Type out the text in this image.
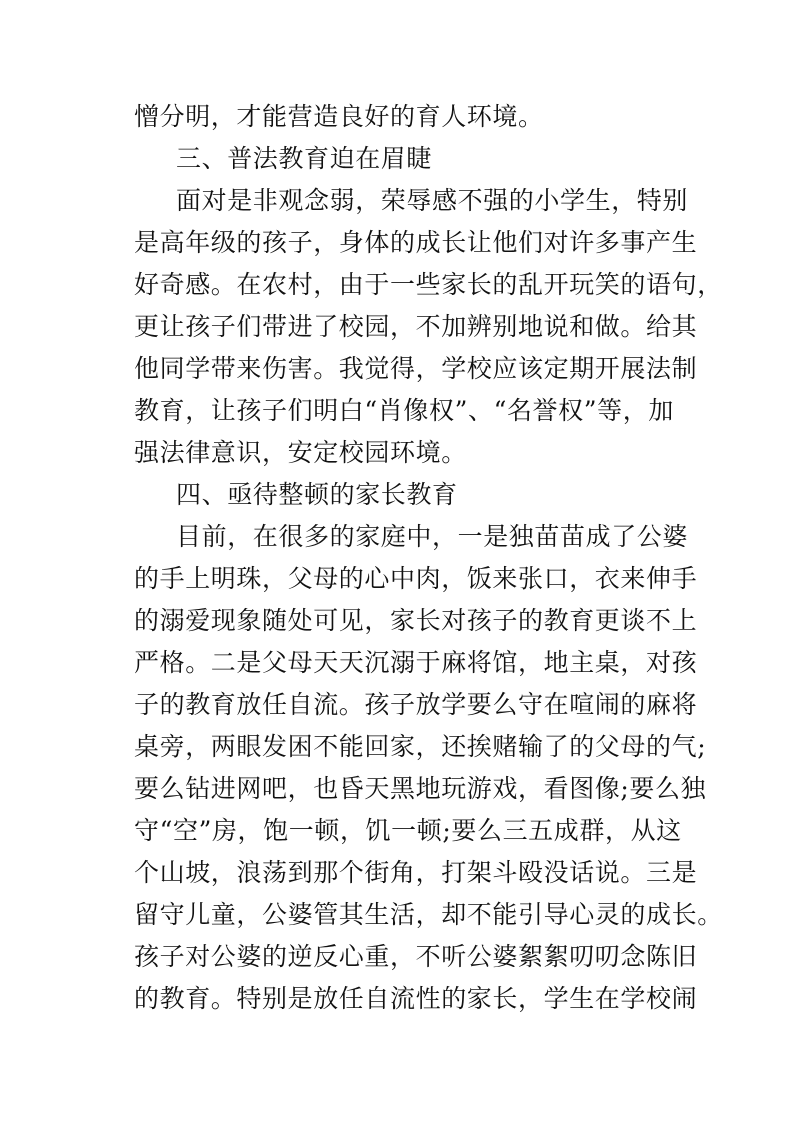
憎分明，才能营造良好的育人环境。
三、普法教育迫在眉睫
面对是非观念弱，荣辱感不强的小学生，特别
是高年级的孩子，身体的成长让他们对许多事产生
好奇感。在农村，由于一些家长的乱开玩笑的语句，
更让孩子们带进了校园，不加辨别地说和做。给其
他同学带来伤害。我觉得，学校应该定期开展法制
教育，让孩子们明白“肖像权”、“名誉权”等，加
强法律意识，安定校园环境。
四、亟待整顿的家长教育
目前，在很多的家庭中，一是独苗苗成了公婆
的手上明珠，父母的心中肉，饭来张口，衣来伸手
的溺爱现象随处可见，家长对孩子的教育更谈不上
严格。二是父母天天沉溺于麻将馆，地主桌，对孩
子的教育放任自流。孩子放学要么守在喧闹的麻将
桌旁，两眼发困不能回家，还挨赌输了的父母的气;
要么钻进网吧，也昏天黑地玩游戏，看图像;要么独
守“空”房，饱一顿，饥一顿;要么三五成群，从这
个山坡，浪荡到那个街角，打架斗殴没话说。三是
留守儿童，公婆管其生活，却不能引导心灵的成长。
孩子对公婆的逆反心重，不听公婆絮絮叨叨念陈旧
的教育。特别是放任自流性的家长，学生在学校闹
